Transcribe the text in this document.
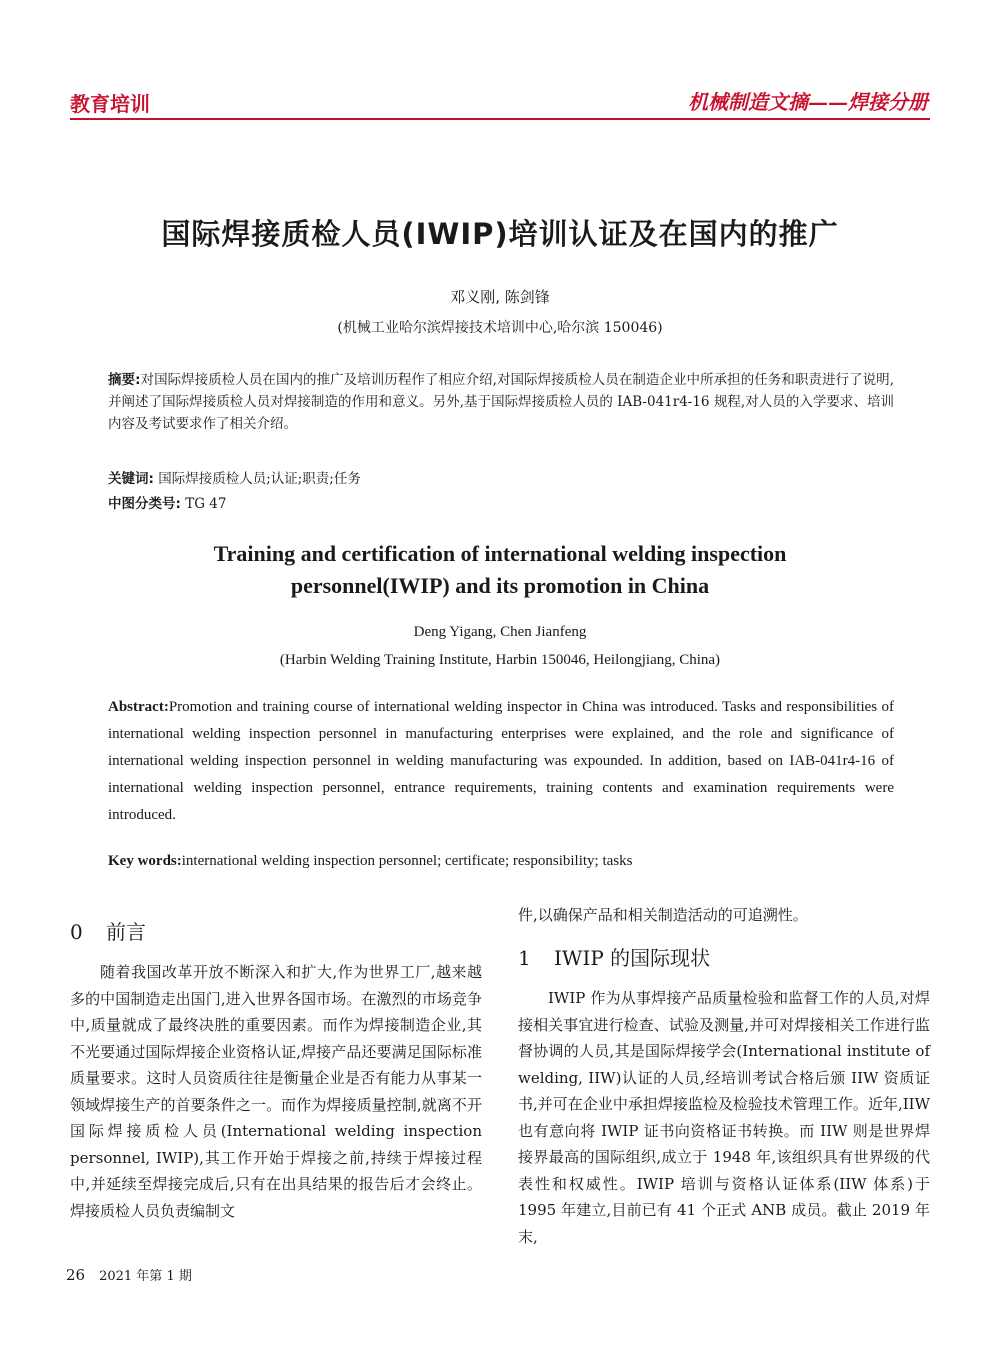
教育培训	机械制造文摘——焊接分册
国际焊接质检人员(IWIP)培训认证及在国内的推广
邓义刚, 陈剑锋
(机械工业哈尔滨焊接技术培训中心,哈尔滨 150046)
摘要:对国际焊接质检人员在国内的推广及培训历程作了相应介绍,对国际焊接质检人员在制造企业中所承担的任务和职责进行了说明,并阐述了国际焊接质检人员对焊接制造的作用和意义。另外,基于国际焊接质检人员的 IAB-041r4-16 规程,对人员的入学要求、培训内容及考试要求作了相关介绍。
关键词: 国际焊接质检人员;认证;职责;任务
中图分类号: TG 47
Training and certification of international welding inspection
personnel(IWIP) and its promotion in China
Deng Yigang, Chen Jianfeng
(Harbin Welding Training Institute, Harbin 150046, Heilongjiang, China)
Abstract:Promotion and training course of international welding inspector in China was introduced. Tasks and responsibilities of international welding inspection personnel in manufacturing enterprises were explained, and the role and significance of international welding inspection personnel in welding manufacturing was expounded. In addition, based on IAB-041r4-16 of international welding inspection personnel, entrance requirements, training contents and examination requirements were introduced.
Key words:international welding inspection personnel; certificate; responsibility; tasks
0 前言
随着我国改革开放不断深入和扩大,作为世界工厂,越来越多的中国制造走出国门,进入世界各国市场。在激烈的市场竞争中,质量就成了最终决胜的重要因素。而作为焊接制造企业,其不光要通过国际焊接企业资格认证,焊接产品还要满足国际标准质量要求。这时人员资质往往是衡量企业是否有能力从事某一领域焊接生产的首要条件之一。而作为焊接质量控制,就离不开国际焊接质检人员(International welding inspection personnel, IWIP),其工作开始于焊接之前,持续于焊接过程中,并延续至焊接完成后,只有在出具结果的报告后才会终止。焊接质检人员负责编制文
件,以确保产品和相关制造活动的可追溯性。
1 IWIP 的国际现状
IWIP 作为从事焊接产品质量检验和监督工作的人员,对焊接相关事宜进行检查、试验及测量,并可对焊接相关工作进行监督协调的人员,其是国际焊接学会(International institute of welding, IIW)认证的人员,经培训考试合格后颁 IIW 资质证书,并可在企业中承担焊接监检及检验技术管理工作。近年,IIW 也有意向将 IWIP 证书向资格证书转换。而 IIW 则是世界焊接界最高的国际组织,成立于 1948 年,该组织具有世界级的代表性和权威性。IWIP 培训与资格认证体系(IIW 体系)于 1995 年建立,目前已有 41 个正式 ANB 成员。截止 2019 年末,
26 2021 年第 1 期
